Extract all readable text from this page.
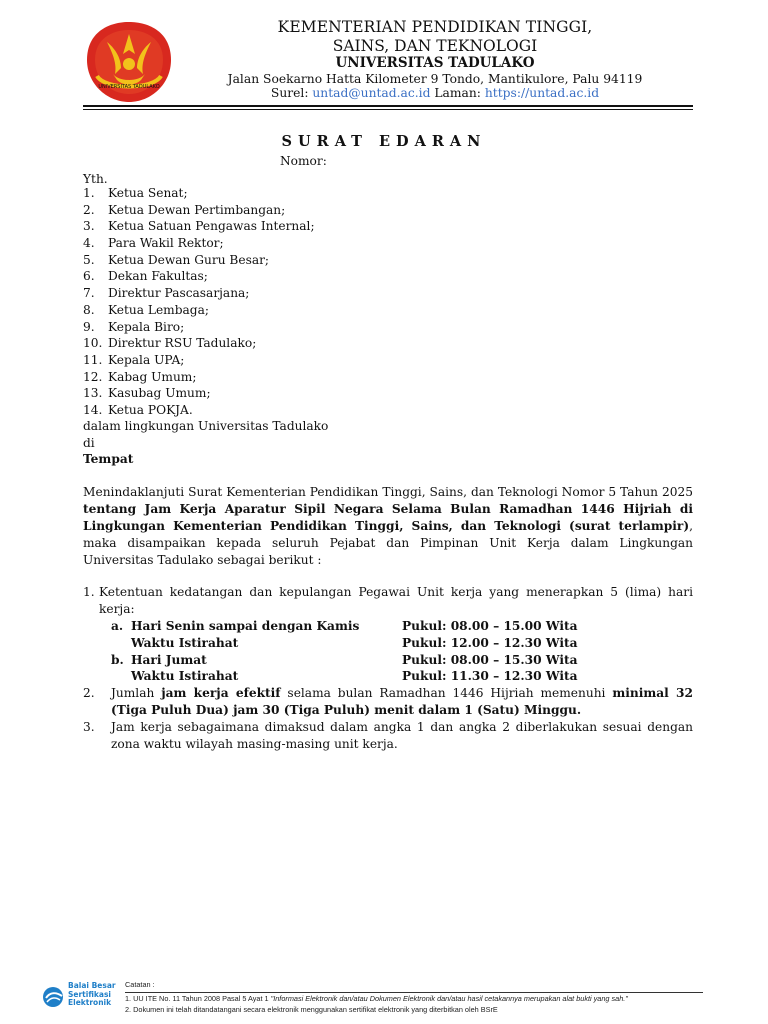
UNIVERSITAS TADULAKO
KEMENTERIAN PENDIDIKAN TINGGI,
SAINS, DAN TEKNOLOGI
UNIVERSITAS TADULAKO
Jalan Soekarno Hatta Kilometer 9 Tondo, Mantikulore, Palu 94119
Surel: untad@untad.ac.id Laman: https://untad.ac.id
SURAT EDARAN
Nomor:
Yth.
1. Ketua Senat;
2. Ketua Dewan Pertimbangan;
3. Ketua Satuan Pengawas Internal;
4. Para Wakil Rektor;
5. Ketua Dewan Guru Besar;
6. Dekan Fakultas;
7. Direktur Pascasarjana;
8. Ketua Lembaga;
9. Kepala Biro;
10. Direktur RSU Tadulako;
11. Kepala UPA;
12. Kabag Umum;
13. Kasubag Umum;
14. Ketua POKJA.
dalam lingkungan Universitas Tadulako
di
Tempat
Menindaklanjuti Surat Kementerian Pendidikan Tinggi, Sains, dan Teknologi Nomor 5 Tahun 2025 tentang Jam Kerja Aparatur Sipil Negara Selama Bulan Ramadhan 1446 Hijriah di Lingkungan Kementerian Pendidikan Tinggi, Sains, dan Teknologi (surat terlampir), maka disampaikan kepada seluruh Pejabat dan Pimpinan Unit Kerja dalam Lingkungan Universitas Tadulako sebagai berikut :
1. Ketentuan kedatangan dan kepulangan Pegawai Unit kerja yang menerapkan 5 (lima) hari kerja:
a. Hari Senin sampai dengan Kamis	Pukul: 08.00 – 15.00 Wita
Waktu Istirahat	Pukul: 12.00 – 12.30 Wita
b. Hari Jumat	Pukul: 08.00 – 15.30 Wita
Waktu Istirahat	Pukul: 11.30 – 12.30 Wita
2. Jumlah jam kerja efektif selama bulan Ramadhan 1446 Hijriah memenuhi minimal 32 (Tiga Puluh Dua) jam 30 (Tiga Puluh) menit dalam 1 (Satu) Minggu.
3. Jam kerja sebagaimana dimaksud dalam angka 1 dan angka 2 diberlakukan sesuai dengan zona waktu wilayah masing-masing unit kerja.
Balai Besar
Sertifikasi
Elektronik
Catatan :
1. UU ITE No. 11 Tahun 2008 Pasal 5 Ayat 1 "Informasi Elektronik dan/atau Dokumen Elektronik dan/atau hasil cetakannya merupakan alat bukti yang sah."
2. Dokumen ini telah ditandatangani secara elektronik menggunakan sertifikat elektronik yang diterbitkan oleh BSrE
